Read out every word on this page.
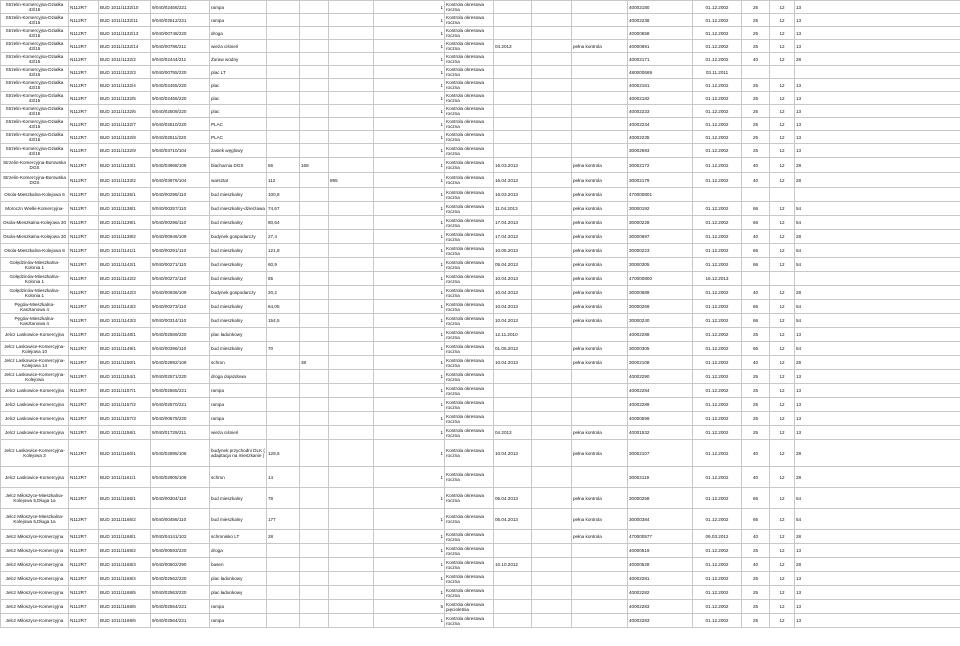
Strzelin-Komercyjna-Działka 43/15	N112R7	BUD 1011/1132/10	9/040/02456/221	rampa				1	Kontrola okresowa roczna				40002180	01.12.2002	25	12	13
Strzelin-Komercyjna-Działka 43/15	N112R7	BUD 1011/1132/11	9/040/02512/221	rampa				1	Kontrola okresowa roczna				40002236	01.12.2002	25	12	13
Strzelin-Komercyjna-Działka 43/15	N112R7	BUD 1011/1132/13	9/040/00748/220	droga				1	Kontrola okresowa roczna				40000658	01.12.2002	25	12	13
Strzelin-Komercyjna-Działka 43/15	N112R7	BUD 1011/1132/14	9/040/00786/211	wieża ciśnień				1	Kontrola okresowa roczna	04.2013		pełna kontrola	40000691	01.12.2002	25	12	13
Strzelin-Komercyjna-Działka 43/15	N112R7	BUD 1011/1132/2	9/040/02444/211	Żuraw wodny				1	Kontrola okresowa roczna				40002171	01.12.2002	40	12	28
Strzelin-Komercyjna-Działka 43/15	N112R7	BUD 1011/1132/3	9/040/00755/220	plac LT				1	Kontrola okresowa roczna				480000669	03.11.2011			
Strzelin-Komercyjna-Działka 43/15	N112R7	BUD 1011/1132/4	9/040/02455/220	plac				1	Kontrola okresowa roczna				40002181	01.12.2002	25	12	13
Strzelin-Komercyjna-Działka 43/15	N112R7	BUD 1011/1132/5	9/040/02456/220	plac				1	Kontrola okresowa roczna				40002182	01.12.2002	25	12	13
Strzelin-Komercyjna-Działka 43/15	N112R7	BUD 1011/1132/6	9/040/02509/220	plac				1	Kontrola okresowa roczna				40002233	01.12.2002	25	12	13
Strzelin-Komercyjna-Działka 43/15	N112R7	BUD 1011/1132/7	9/040/02510/220	PLAC				1	Kontrola okresowa roczna				40002234	01.12.2002	25	12	13
Strzelin-Komercyjna-Działka 43/15	N112R7	BUD 1011/1132/8	9/040/02511/220	PLAC				1	Kontrola okresowa roczna				40002235	01.12.2002	25	12	13
Strzelin-Komercyjna-Działka 43/15	N112R7	BUD 1011/1132/9	9/040/03710/104	zasiek węglowy				1	Kontrola okresowa roczna				30002693	01.12.2002	25	12	13
Strzelin-Komercyjna-Borowska DGS	N112R7	BUD 1011/1133/1	9/040/03968/109	blacharnia DGS	56	168		1	Kontrola okresowa roczna	16.03.2013		pełna kontrola	30002172	01.12.2002	40	12	28
Strzelin-Komercyjna-Borowska DGS	N112R7	BUD 1011/1133/2	9/040/03976/104	warsztat	112		895	1	Kontrola okresowa roczna	16.04.2013		pełna kontrola	30002179	01.12.2002	40	12	28
Osola-Mieszkalna-Kolejowa 6	N112R7	BUD 1011/1135/1	9/040/00298/110	bud mieszkalny	100,8			1	Kontrola okresowa roczna	16.03.2013		pełna kontrola	470000801				
Moroczn Wielki-Komercyjna-	N112R7	BUD 1011/1138/1	9/040/00257/110	bud mieszkalny-dzierżawa	74,67			1	Kontrola okresowa roczna	11.04.2013		pełna kontrola	30000192	01.12.2002	66	12	54
Osola-Mieszkalna-Kolejowa 30	N112R7	BUD 1011/1139/1	9/040/00296/110	bud mieszkalny	80,64			1	Kontrola okresowa roczna	17.04.2013		pełna kontrola	30000228	01.12.2002	66	12	54
Osola-Mieszkalna-Kolejowa 30	N112R7	BUD 1011/1139/2	9/040/00946/109	budynek gospodarczy	27,4			1	Kontrola okresowa roczna	17.04.2013		pełna kontrola	30000697	01.12.2002	40	12	28
Osola-Mieszkalna-Kolejowa 8	N112R7	BUD 1011/1141/1	9/040/00291/110	bud mieszkalny	121,8			1	Kontrola okresowa roczna	10.05.2013		pełna kontrola	30000223	01.12.2002	66	12	54
Gołędzinów-Mieszkalna-Kolonia 1	N112R7	BUD 1011/1142/1	9/040/00271/110	bud mieszkalny	60,9			1	Kontrola okresowa roczna	05.04.2013		pełna kontrola	30000305	01.12.2002	66	12	54
Gołędzinów-Mieszkalna-Kolonia 1	N112R7	BUD 1011/1142/2	9/040/00272/110	bud mieszkalny	65			1	Kontrola okresowa roczna	10.04.2013		pełna kontrola	470000800	16.12.2013			
Gołędzinów-Mieszkalna-Kolonia 1	N112R7	BUD 1011/1142/3	9/040/00936/109	budynek gospodarczy	20,2			1	Kontrola okresowa roczna	10.04.2013		pełna kontrola	30000689	01.12.2002	40	12	28
Pęgów-Mieszkalna-Kasztanowa 4	N112R7	BUD 1011/1143/2	9/040/00273/110	bud mieszkalny	64,05			1	Kontrola okresowa roczna	10.04.2013		pełna kontrola	30000269	01.12.2002	66	12	54
Pęgów-Mieszkalna-Kasztanowa 4	N112R7	BUD 1011/1143/3	9/040/00314/110	bud mieszkalny	154,5			1	Kontrola okresowa roczna	10.04.2013		pełna kontrola	30000240	01.12.2002	66	12	54
Jelcz Laskowice-Komercyjna	N112R7	BUD 1011/1148/1	9/040/02569/220	plac ładunkowy				1	Kontrola okresowa roczna	12.11.2010			40002288	01.12.2002	25	12	13
Jelcz Laskowice-Komercyjna-Kolejowa 10	N112R7	BUD 1011/1149/1	9/040/00396/110	bud mieszkalny	70			1	Kontrola okresowa roczna	01.05.2013		pełna kontrola	30000305	01.12.2002	66	12	54
Jelcz Laskowice-Komercyjna-Kolejowa 14	N112R7	BUD 1011/1150/1	9/040/02892/109	schron		38		1	Kontrola okresowa roczna	10.04.2013		pełna kontrola	30002108	01.12.2002	40	12	28
Jelcz Laskowice-Komercyjna-Kolejowa	N112R7	BUD 1011/1154/1	9/040/02571/220	droga dojazdowa				1	Kontrola okresowa roczna				40002290	01.12.2002	25	12	13
Jelcz Laskowice-Komercyjna	N112R7	BUD 1011/1157/1	9/040/02565/221	rampa				1	Kontrola okresowa roczna				40002284	01.12.2002	25	12	13
Jelcz Laskowice-Komercyjna	N112R7	BUD 1011/1157/2	9/040/02570/221	rampa				1	Kontrola okresowa roczna				40002289	01.12.2002	25	12	13
Jelcz Laskowice-Komercyjna	N112R7	BUD 1011/1157/3	9/040/00679/220	rampa				1	Kontrola okresowa roczna				40000599	01.12.2002	25	12	13
Jelcz Laskowice-Komercyjna	N112R7	BUD 1011/1158/1	9/040/01729/211	wieża ciśnień				1	Kontrola okresowa roczna	04.2013		pełna kontrola	40001532	01.12.2002	25	12	13
Jelcz Laskowice-Komercyjna-Kolejowa 3	N112R7	BUD 1011/1160/1	9/040/02895/106	budynek przychodni DLK ( adaptacja na mieszkanie )	129,5			1	Kontrola okresowa roczna	10.04.2013		pełna kontrola	30002107	01.12.2002	40	12	28
Jelcz Laskowice-Komercyjna	N112R7	BUD 1011/1161/1	9/040/02905/109	schron	14			1	Kontrola okresowa roczna				30002119	01.12.2002	40	12	28
Jelcz Miłoszyce-Mieszkalna-Kolejowa 5,Długa 1a	N112R7	BUD 1011/1166/1	9/040/00304/110	bud mieszkalny	78			1	Kontrola okresowa roczna	05.04.2013		pełna kontrola	30000258	01.12.2002	66	12	54
Jelcz Miłoszyce-Mieszkalna-Kolejowa 5,Długa 1a	N112R7	BUD 1011/1166/2	9/040/00486/110	bud mieszkalny	177			1	Kontrola okresowa roczna	05.04.2013		pełna kontrola	30000384	01.12.2002	66	12	54
Jelcz Miłoszyce-Komercyjna	N112R7	BUD 1011/1168/1	9/040/04141/102	schronisko LT	28			1	Kontrola okresowa roczna			pełna kontrola	470000577	06.03.2012	40	12	28
Jelcz Miłoszyce-Komercyjna	N112R7	BUD 1011/1168/2	9/040/00593/220	droga				1	Kontrola okresowa roczna				40000519	01.12.2002	25	12	13
Jelcz Miłoszyce-Komercyjna	N112R7	BUD 1011/1168/3	9/040/00602/290	basen				1	Kontrola okresowa roczna	10.10.2012			40000528	01.12.2002	40	12	28
Jelcz Miłoszyce-Komercyjna	N112R7	BUD 1011/1168/4	9/040/02562/220	plac ładunkowy				1	Kontrola okresowa roczna				40002281	01.12.2002	25	12	13
Jelcz Miłoszyce-Komercyjna	N112R7	BUD 1011/1168/5	9/040/02563/220	plac ładunkowy				1	Kontrola okresowa roczna				40002282	01.12.2002	25	12	13
Jelcz Miłoszyce-Komercyjna	N112R7	BUD 1011/1168/6	9/040/02564/221	rampa				5	Kontrola okresowa pięcioletnia				40002283	01.12.2002	25	12	13
Jelcz Miłoszyce-Komercyjna	N112R7	BUD 1011/1168/6	9/040/02564/221	rampa				1	Kontrola okresowa roczna				40002283	01.12.2002	25	12	13
